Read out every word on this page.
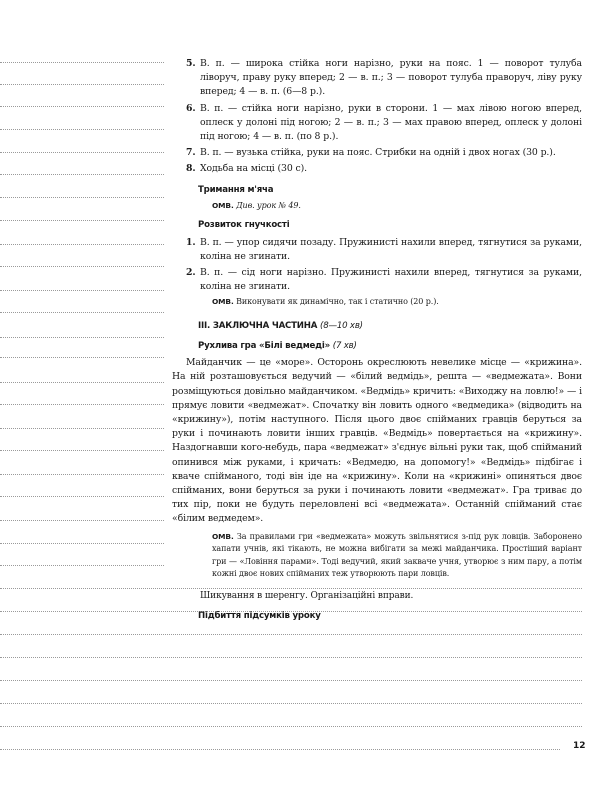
5. В. п. — широка стійка ноги нарізно, руки на пояс. 1 — поворот тулуба ліворуч, праву руку вперед; 2 — в. п.; 3 — поворот тулуба праворуч, ліву руку вперед; 4 — в. п. (6—8 р.).
6. В. п. — стійка ноги нарізно, руки в сторони. 1 — мах лівою ногою вперед, оплеск у долоні під ногою; 2 — в. п.; 3 — мах правою вперед, оплеск у долоні під ногою; 4 — в. п. (по 8 р.).
7. В. п. — вузька стійка, руки на пояс. Стрибки на одній і двох ногах (30 р.).
8. Ходьба на місці (30 с).
Тримання м'яча
ОМВ. Див. урок № 49.
Розвиток гнучкості
1. В. п. — упор сидячи позаду. Пружинисті нахили вперед, тягнутися за руками, коліна не згинати.
2. В. п. — сід ноги нарізно. Пружинисті нахили вперед, тягнутися за руками, коліна не згинати.
ОМВ. Виконувати як динамічно, так і статично (20 р.).
ІІІ. ЗАКЛЮЧНА ЧАСТИНА (8—10 хв)
Рухлива гра «Білі ведмеді» (7 хв)
Майданчик — це «море». Осторонь окреслюють невелике місце — «крижина». На ній розташовується ведучий — «білий ведмідь», решта — «ведмежата». Вони розміщуються довільно майданчиком. «Ведмідь» кричить: «Виходжу на ловлю!» — і прямує ловити «ведмежат». Спочатку він ловить одного «ведмедика» (відводить на «крижину»), потім наступного. Після цього двоє спійманих гравців беруться за руки і починають ловити інших гравців. «Ведмідь» повертається на «крижину». Наздогнавши кого-небудь, пара «ведмежат» з'єднує вільні руки так, щоб спійманий опинився між руками, і кричать: «Ведмедю, на допомогу!» «Ведмідь» підбігає і кваче спійманого, тоді він іде на «крижину». Коли на «крижині» опиняться двоє спійманих, вони беруться за руки і починають ловити «ведмежат». Гра триває до тих пір, поки не будуть переловлені всі «ведмежата». Останній спійманий стає «білим ведмедем».
ОМВ. За правилами гри «ведмежата» можуть звільнятися з-під рук ловців. Заборонено хапати учнів, які тікають, не можна вибігати за межі майданчика. Простіший варіант гри — «Ловіння парами». Тоді ведучий, який закваче учня, утворює з ним пару, а потім кожні двоє нових спійманих теж утворюють пари ловців.
Шикування в шеренгу. Організаційні вправи.
Підбиття підсумків уроку
12
